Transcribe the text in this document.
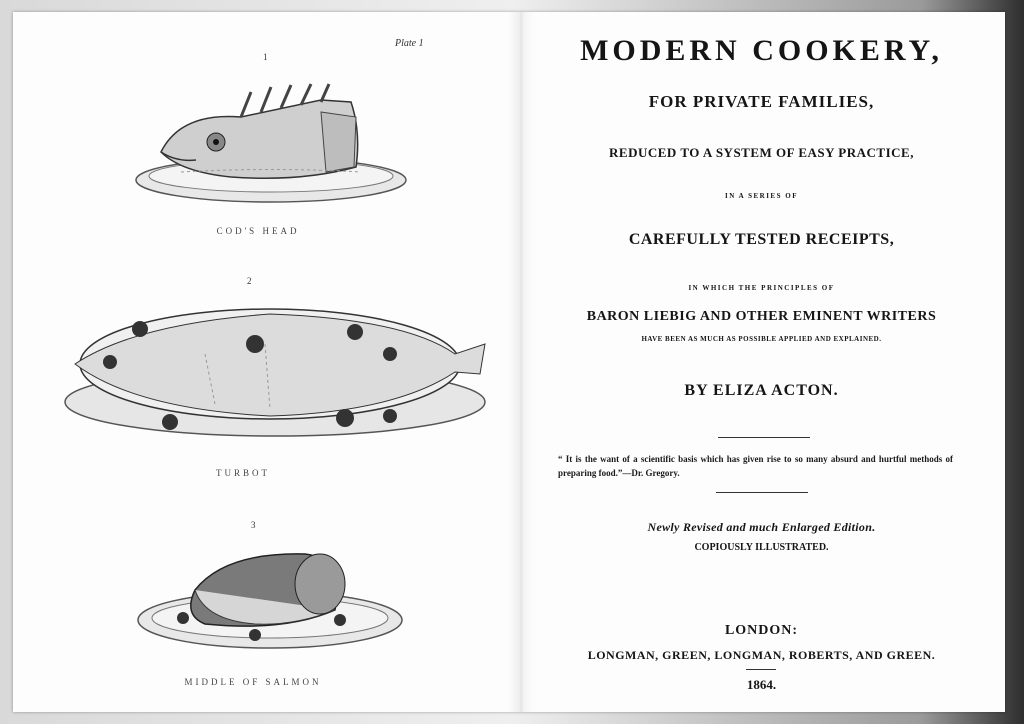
Plate 1
1
COD'S HEAD
2
TURBOT
3
MIDDLE OF SALMON
MODERN COOKERY,
FOR PRIVATE FAMILIES,
REDUCED TO A SYSTEM OF EASY PRACTICE,
IN A SERIES OF
CAREFULLY TESTED RECEIPTS,
IN WHICH THE PRINCIPLES OF
BARON LIEBIG AND OTHER EMINENT WRITERS
HAVE BEEN AS MUCH AS POSSIBLE APPLIED AND EXPLAINED.
BY ELIZA ACTON.
“ It is the want of a scientific basis which has given rise to so many absurd and hurtful methods of preparing food.”—Dr. Gregory.
Newly Revised and much Enlarged Edition.
COPIOUSLY ILLUSTRATED.
LONDON:
LONGMAN, GREEN, LONGMAN, ROBERTS, AND GREEN.
1864.
